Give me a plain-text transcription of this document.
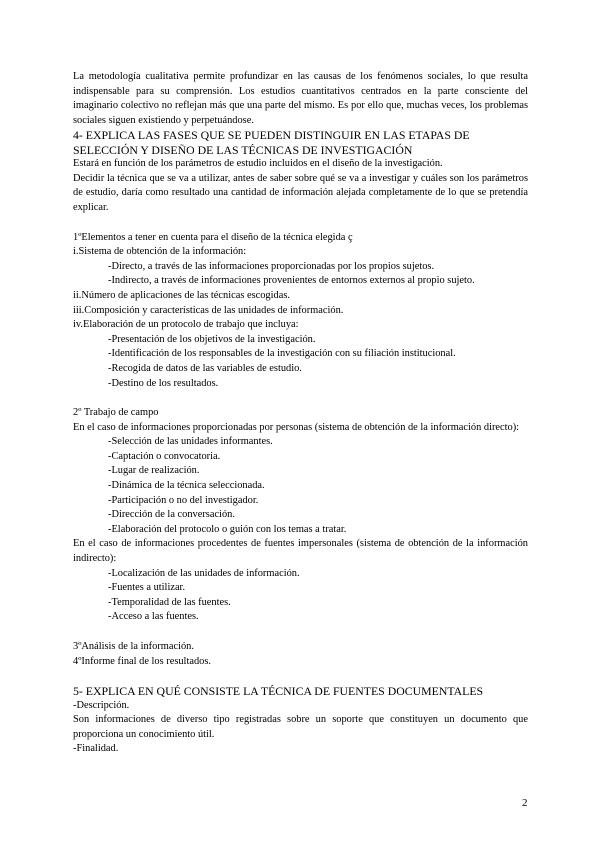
La metodología cualitativa permite profundizar en las causas de los fenómenos sociales, lo que resulta indispensable para su comprensión. Los estudios cuantitativos centrados en la parte consciente del imaginario colectivo no reflejan más que una parte del mismo. Es por ello que, muchas veces, los problemas sociales siguen existiendo y perpetuándose.

4- EXPLICA LAS FASES QUE SE PUEDEN DISTINGUIR EN LAS ETAPAS DE SELECCIÓN Y DISEÑO DE LAS TÉCNICAS DE INVESTIGACIÓN

Estará en función de los parámetros de estudio incluidos en el diseño de la investigación.

Decidir la técnica que se va a utilizar, antes de saber sobre qué se va a investigar y cuáles son los parámetros de estudio, daría como resultado una cantidad de información alejada completamente de lo que se pretendía explicar.

1ºElementos a tener en cuenta para el diseño de la técnica elegida ç

i.Sistema de obtención de la información:

-Directo, a través de las informaciones proporcionadas por los propios sujetos.

-Indirecto, a través de informaciones provenientes de entornos externos al propio sujeto.

ii.Número de aplicaciones de las técnicas escogidas.

iii.Composición y características de las unidades de información.

iv.Elaboración de un protocolo de trabajo que incluya:

-Presentación de los objetivos de la investigación.

-Identificación de los responsables de la investigación con su filiación institucional.

-Recogida de datos de las variables de estudio.

-Destino de los resultados.

2º Trabajo de campo

En el caso de informaciones proporcionadas por personas (sistema de obtención de la información directo):

-Selección de las unidades informantes.

-Captación o convocatoria.

-Lugar de realización.

-Dinámica de la técnica seleccionada.

-Participación o no del investigador.

-Dirección de la conversación.

-Elaboración del protocolo o guión con los temas a tratar.

En el caso de informaciones procedentes de fuentes impersonales (sistema de obtención de la información indirecto):

-Localización de las unidades de información.

-Fuentes a utilizar.

-Temporalidad de las fuentes.

-Acceso a las fuentes.

3ºAnálisis de la información.

4ºInforme final de los resultados.

5- EXPLICA EN QUÉ CONSISTE LA TÉCNICA DE FUENTES DOCUMENTALES

-Descripción.

Son informaciones de diverso tipo registradas sobre un soporte que constituyen un documento que proporciona un conocimiento útil.

-Finalidad.

2
